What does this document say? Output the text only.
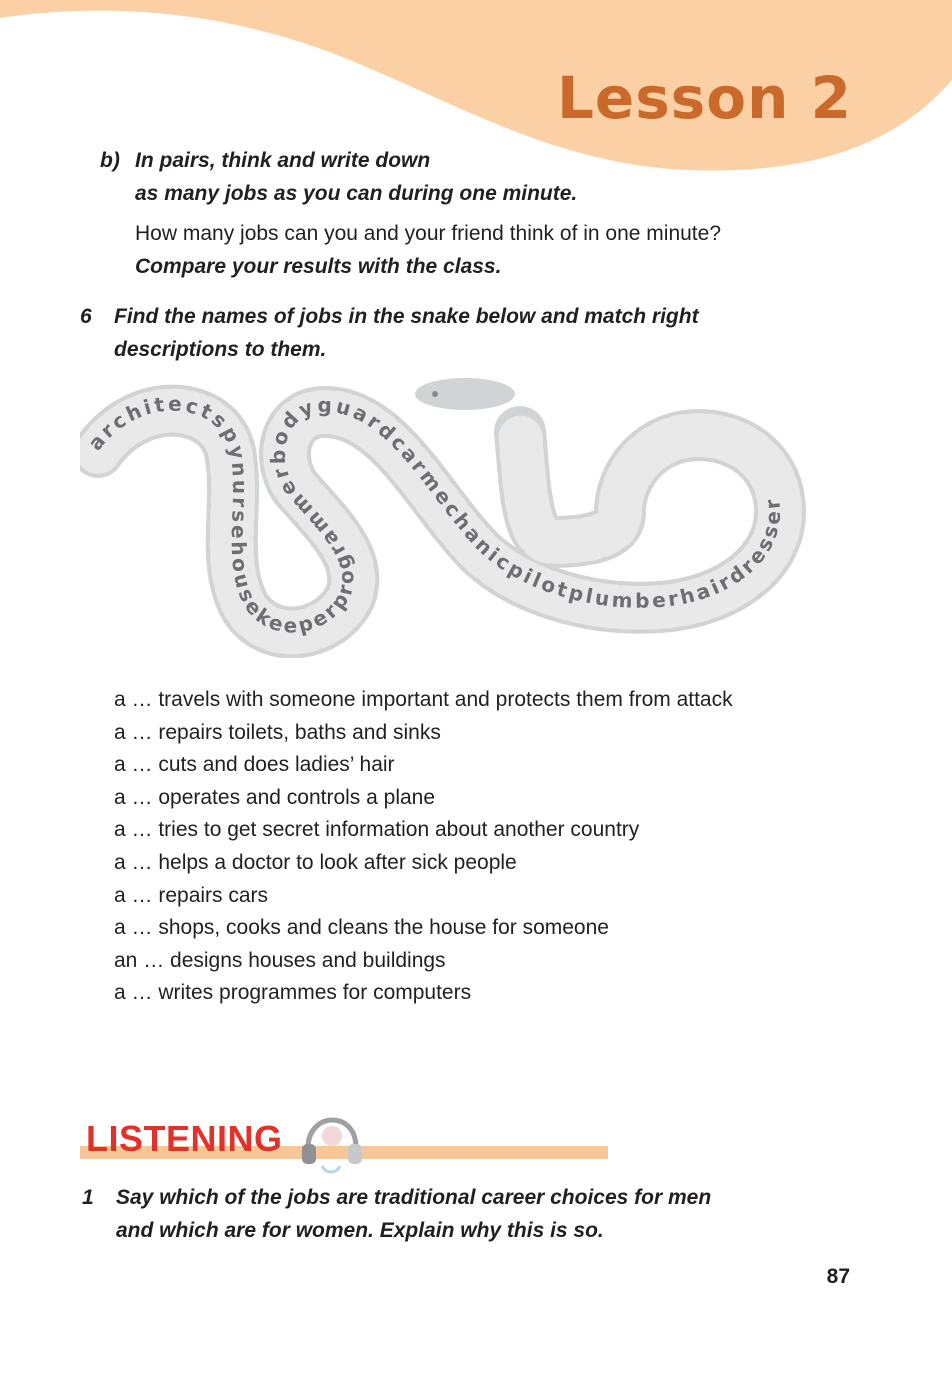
Lesson 2
b) In pairs, think and write down
as many jobs as you can during one minute.
How many jobs can you and your friend think of in one minute?
Compare your results with the class.
6 Find the names of jobs in the snake below and match right
descriptions to them.
architectspynursehousekeeperprogrammerbodyguardcarmechanicpilotplumberhairdresser
a … travels with someone important and protects them from attack
a … repairs toilets, baths and sinks
a … cuts and does ladies’ hair
a … operates and controls a plane
a … tries to get secret information about another country
a … helps a doctor to look after sick people
a … repairs cars
a … shops, cooks and cleans the house for someone
an … designs houses and buildings
a … writes programmes for computers
LISTENING
1 Say which of the jobs are traditional career choices for men
and which are for women. Explain why this is so.
87
